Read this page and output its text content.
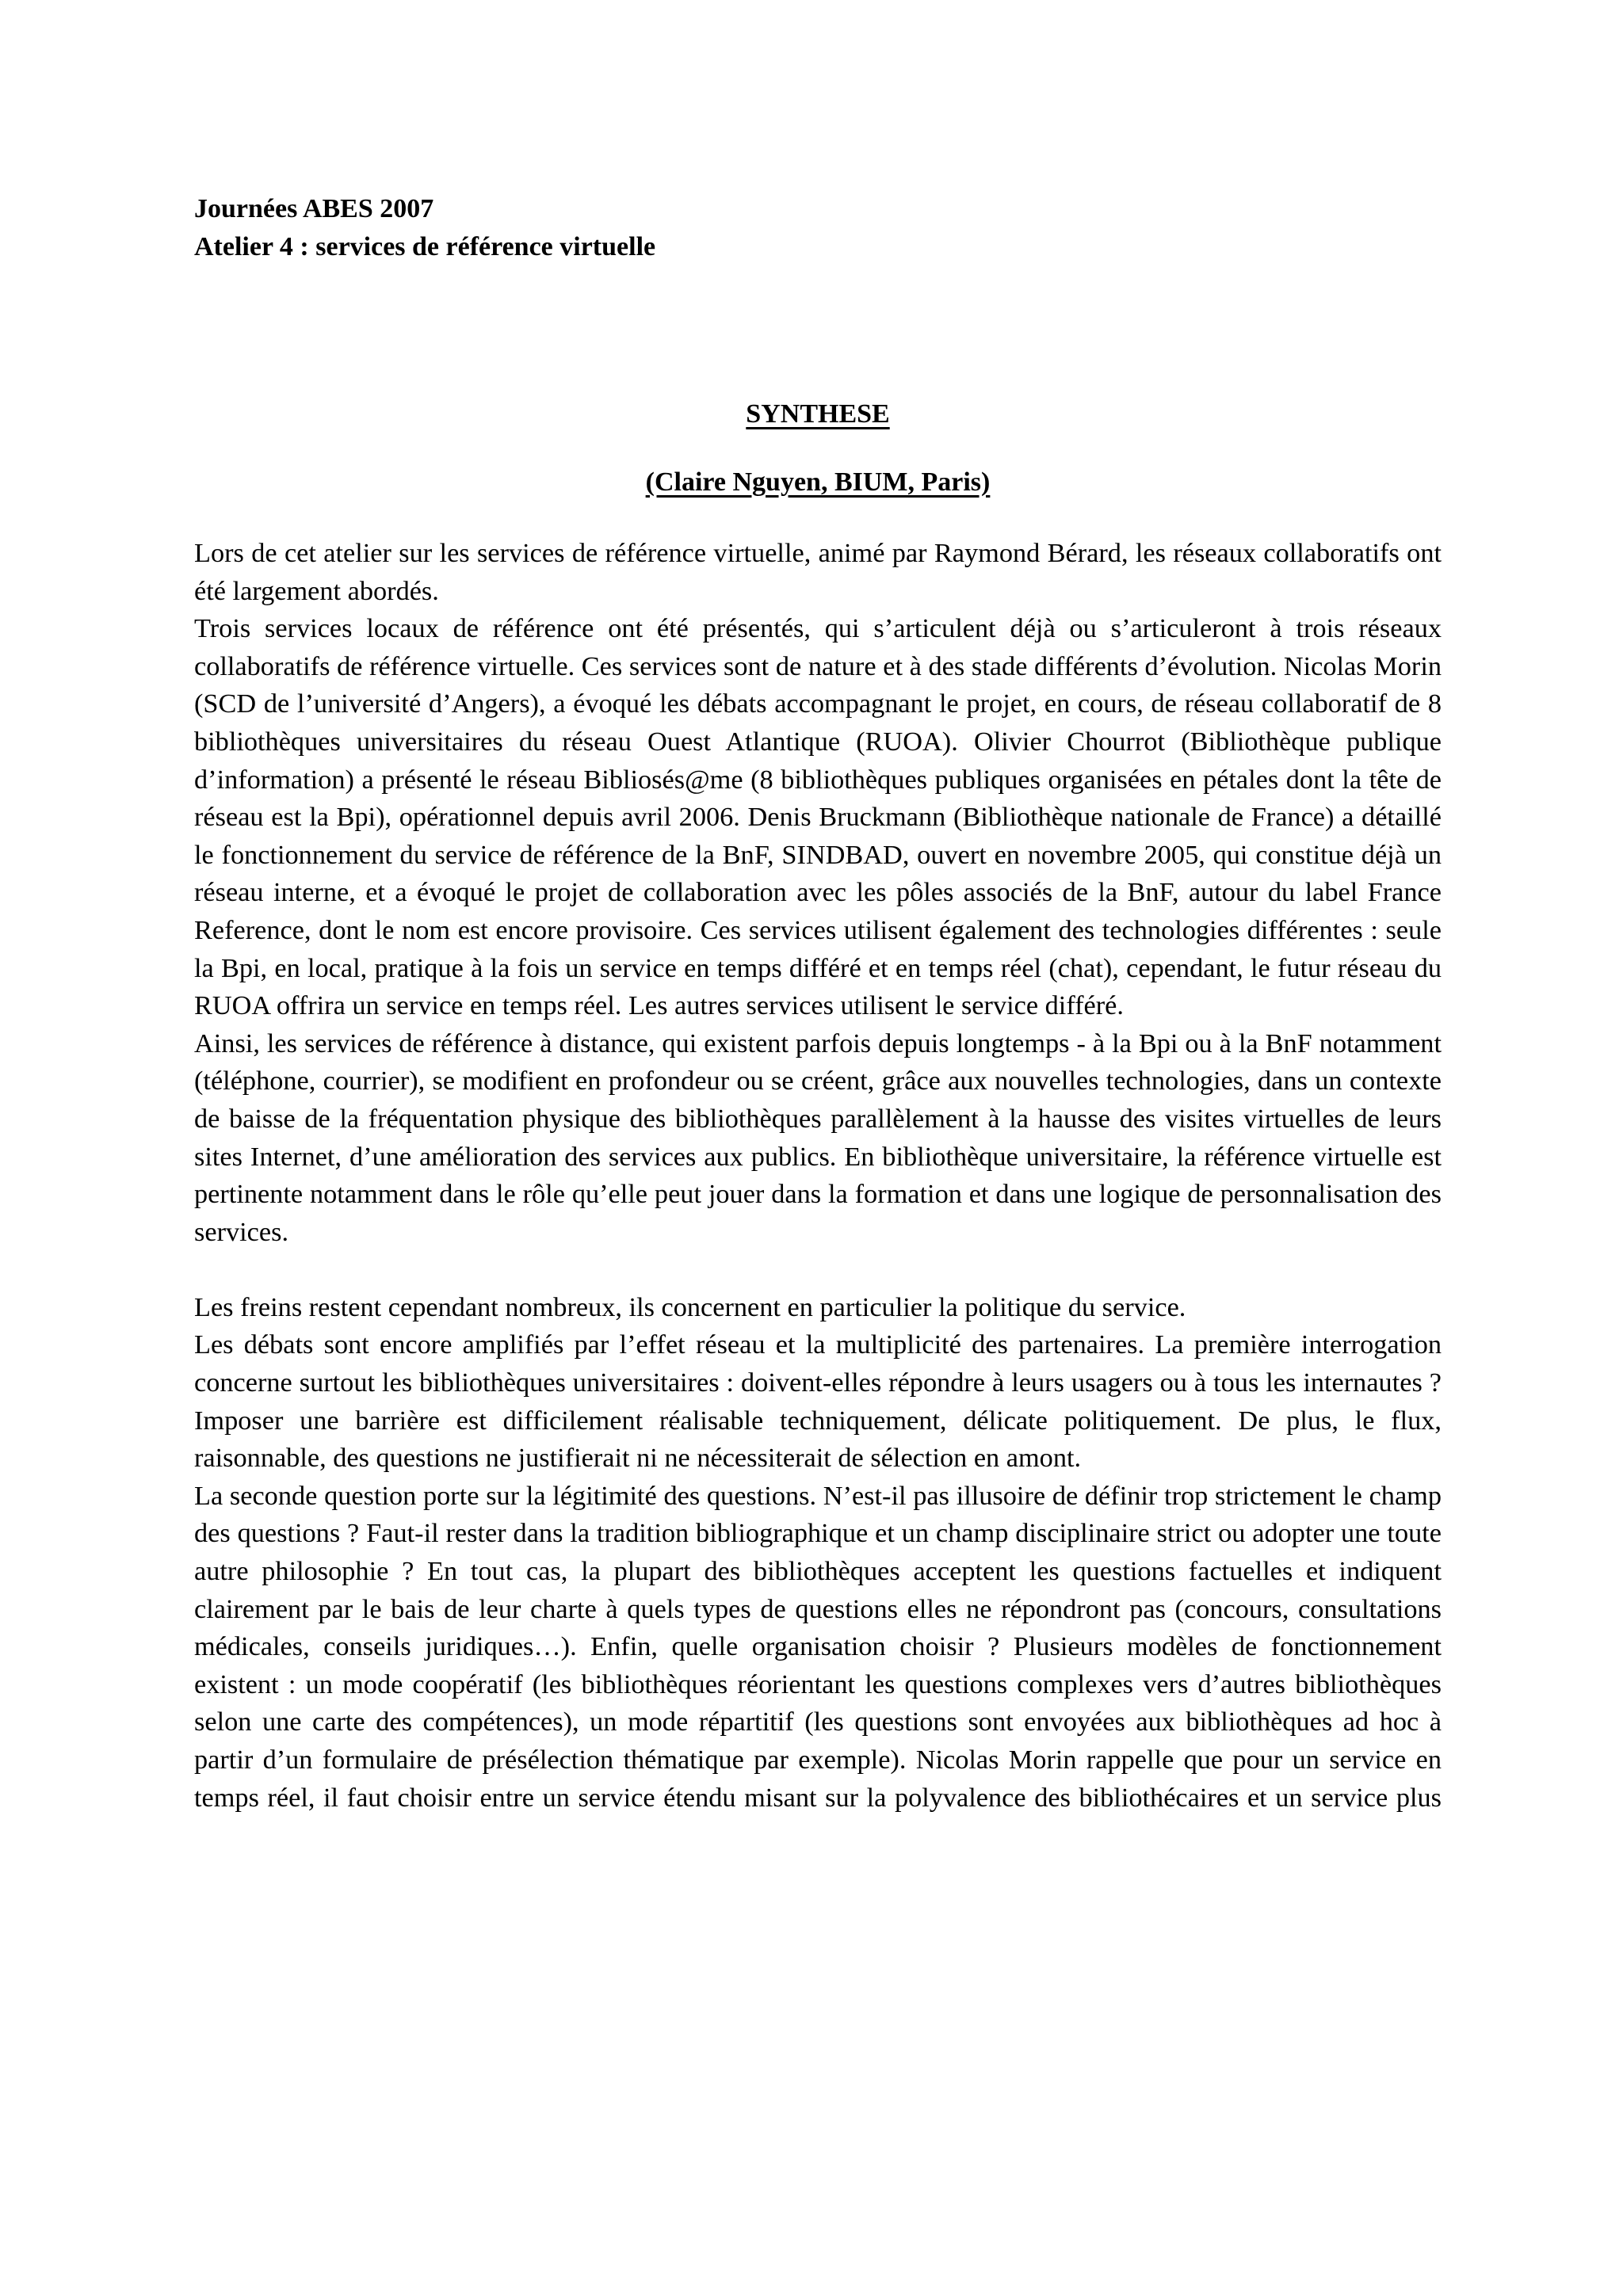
Journées ABES 2007

Atelier 4 : services de référence virtuelle

SYNTHESE

(Claire Nguyen, BIUM, Paris)

Lors de cet atelier sur les services de référence virtuelle, animé par Raymond Bérard, les réseaux collaboratifs ont été largement abordés.

Trois services locaux de référence ont été présentés, qui s’articulent déjà ou s’articuleront à trois réseaux collaboratifs de référence virtuelle. Ces services sont de nature et à des stade différents d’évolution. Nicolas Morin (SCD de l’université d’Angers), a évoqué les débats accompagnant le projet, en cours, de réseau collaboratif de 8 bibliothèques universitaires du réseau Ouest Atlantique (RUOA). Olivier Chourrot (Bibliothèque publique d’information) a présenté le réseau Bibliosés@me (8 bibliothèques publiques organisées en pétales dont la tête de réseau est la Bpi), opérationnel depuis avril 2006. Denis Bruckmann (Bibliothèque nationale de France) a détaillé le fonctionnement du service de référence de la BnF, SINDBAD, ouvert en novembre 2005, qui constitue déjà un réseau interne, et a évoqué le projet de collaboration avec les pôles associés de la BnF, autour du label France Reference, dont le nom est encore provisoire. Ces services utilisent également des technologies différentes : seule la Bpi, en local, pratique à la fois un service en temps différé et en temps réel (chat), cependant, le futur réseau du RUOA offrira un service en temps réel. Les autres services utilisent le service différé.

Ainsi, les services de référence à distance, qui existent parfois depuis longtemps - à la Bpi ou à la BnF notamment (téléphone, courrier), se modifient en profondeur ou se créent, grâce aux nouvelles technologies, dans un contexte de baisse de la fréquentation physique des bibliothèques parallèlement à la hausse des visites virtuelles de leurs sites Internet, d’une amélioration des services aux publics. En bibliothèque universitaire, la référence virtuelle est pertinente notamment dans le rôle qu’elle peut jouer dans la formation et dans une logique de personnalisation des services.

Les freins restent cependant nombreux, ils concernent en particulier la politique du service.

Les débats sont encore amplifiés par l’effet réseau et la multiplicité des partenaires. La première interrogation concerne surtout les bibliothèques universitaires : doivent-elles répondre à leurs usagers ou à tous les internautes ? Imposer une barrière est difficilement réalisable techniquement, délicate politiquement. De plus, le flux, raisonnable, des questions ne justifierait ni ne nécessiterait de sélection en amont.

La seconde question porte sur la légitimité des questions. N’est-il pas illusoire de définir trop strictement le champ des questions ? Faut-il rester dans la tradition bibliographique et un champ disciplinaire strict ou adopter une toute autre philosophie ? En tout cas, la plupart des bibliothèques acceptent les questions factuelles et indiquent clairement par le bais de leur charte à quels types de questions elles ne répondront pas (concours, consultations médicales, conseils juridiques…). Enfin, quelle organisation choisir ? Plusieurs modèles de fonctionnement existent : un mode coopératif (les bibliothèques réorientant les questions complexes vers d’autres bibliothèques selon une carte des compétences), un mode répartitif (les questions sont envoyées aux bibliothèques ad hoc à partir d’un formulaire de présélection thématique par exemple). Nicolas Morin rappelle que pour un service en temps réel, il faut choisir entre un service étendu misant sur la polyvalence des bibliothécaires et un service plus
